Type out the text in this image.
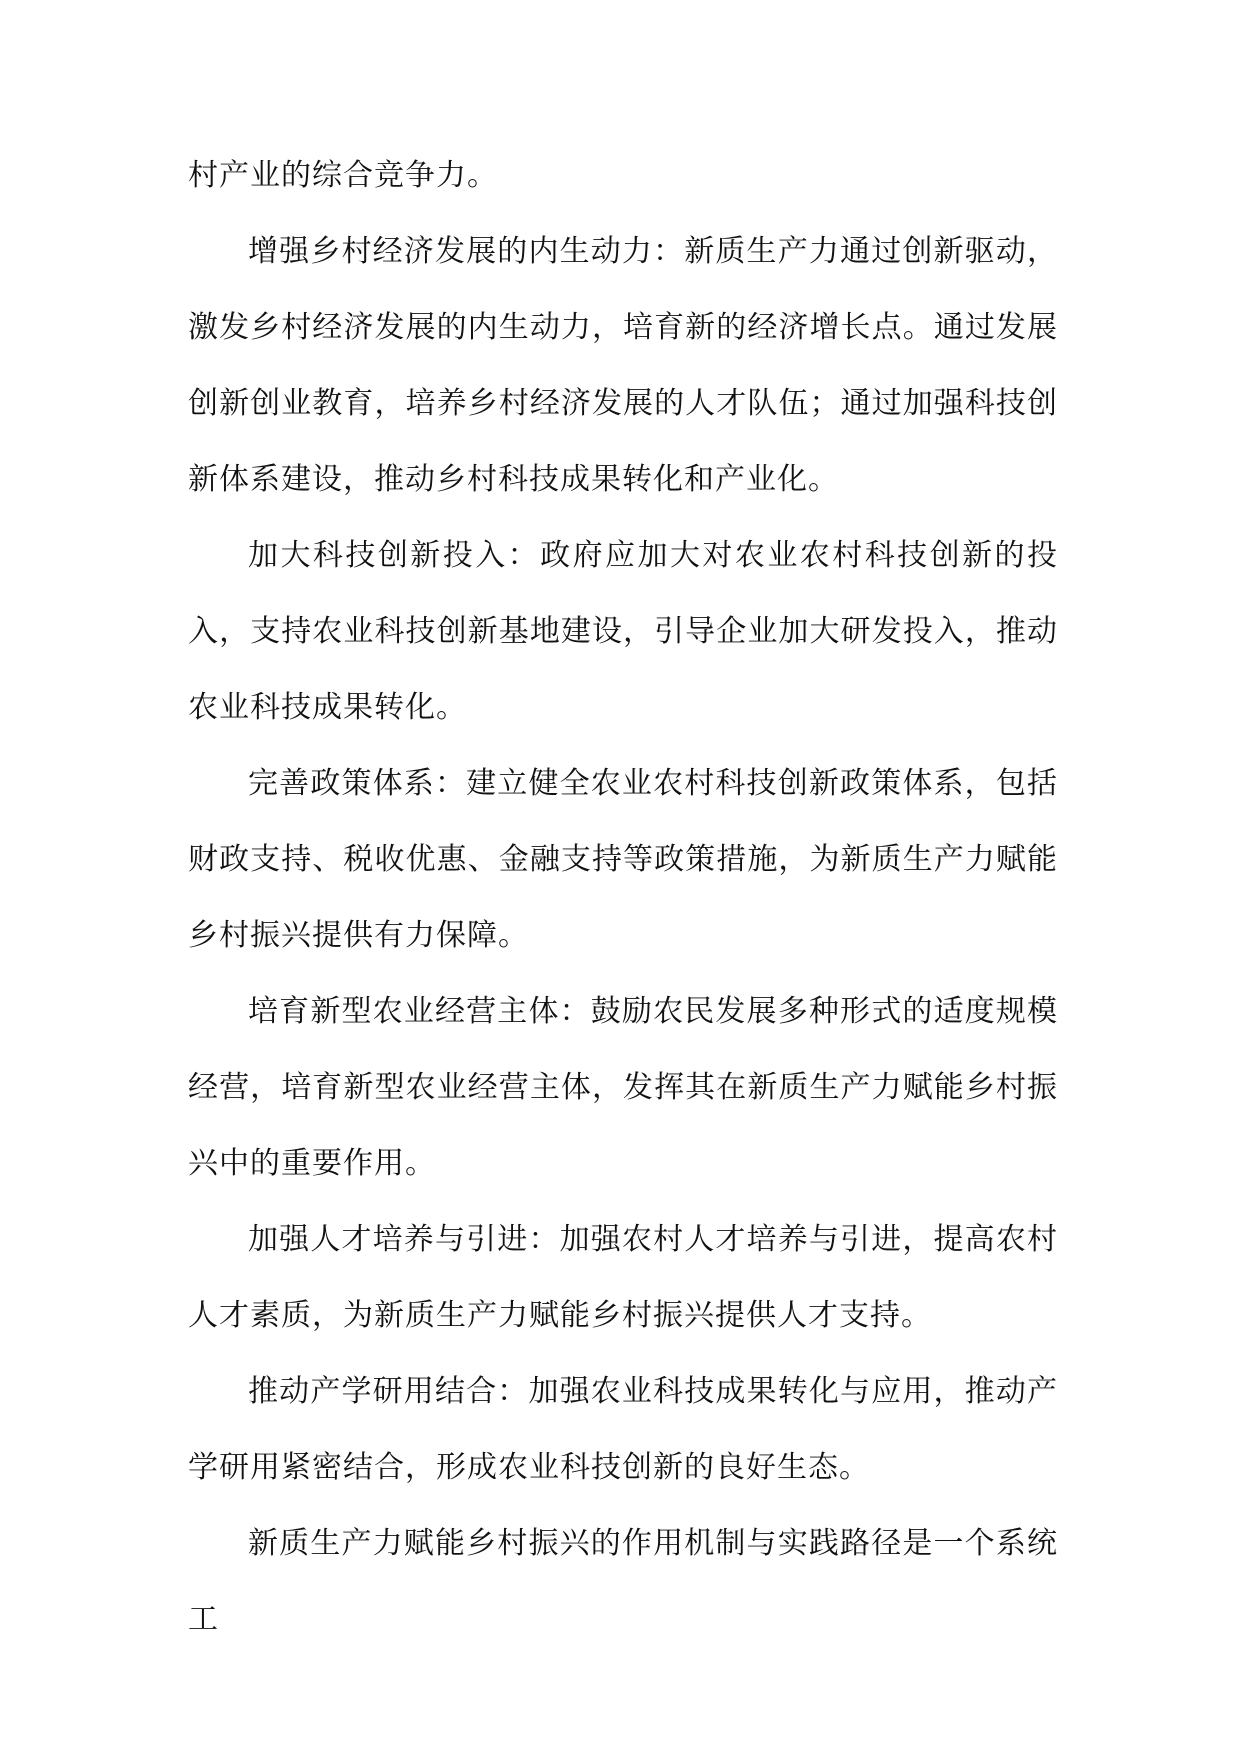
村产业的综合竞争力。

增强乡村经济发展的内生动力：新质生产力通过创新驱动，激发乡村经济发展的内生动力，培育新的经济增长点。通过发展创新创业教育，培养乡村经济发展的人才队伍；通过加强科技创新体系建设，推动乡村科技成果转化和产业化。

加大科技创新投入：政府应加大对农业农村科技创新的投入，支持农业科技创新基地建设，引导企业加大研发投入，推动农业科技成果转化。

完善政策体系：建立健全农业农村科技创新政策体系，包括财政支持、税收优惠、金融支持等政策措施，为新质生产力赋能乡村振兴提供有力保障。

培育新型农业经营主体：鼓励农民发展多种形式的适度规模经营，培育新型农业经营主体，发挥其在新质生产力赋能乡村振兴中的重要作用。

加强人才培养与引进：加强农村人才培养与引进，提高农村人才素质，为新质生产力赋能乡村振兴提供人才支持。

推动产学研用结合：加强农业科技成果转化与应用，推动产学研用紧密结合，形成农业科技创新的良好生态。

新质生产力赋能乡村振兴的作用机制与实践路径是一个系统工
